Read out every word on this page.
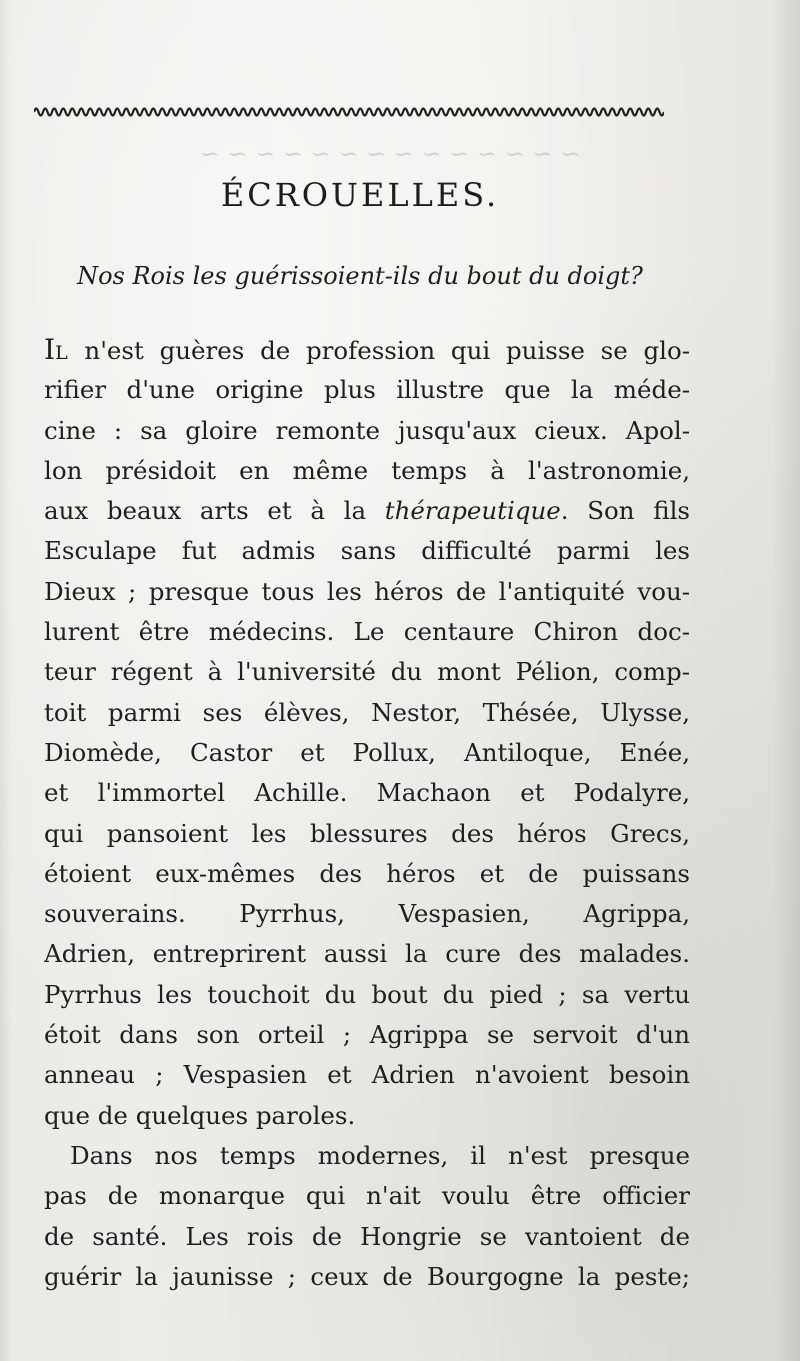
~ ~ ~ ~ ~ ~ ~ ~ ~ ~ ~ ~ ~ ~
ÉCROUELLES.
Nos Rois les guérissoient-ils du bout du doigt?
IL n'est guères de profession qui puisse se glo-
rifier d'une origine plus illustre que la méde-
cine : sa gloire remonte jusqu'aux cieux. Apol-
lon présidoit en même temps à l'astronomie,
aux beaux arts et à la thérapeutique. Son fils
Esculape fut admis sans difficulté parmi les
Dieux ; presque tous les héros de l'antiquité vou-
lurent être médecins. Le centaure Chiron doc-
teur régent à l'université du mont Pélion, comp-
toit parmi ses élèves, Nestor, Thésée, Ulysse,
Diomède, Castor et Pollux, Antiloque, Enée,
et l'immortel Achille. Machaon et Podalyre,
qui pansoient les blessures des héros Grecs,
étoient eux-mêmes des héros et de puissans
souverains. Pyrrhus, Vespasien, Agrippa,
Adrien, entreprirent aussi la cure des malades.
Pyrrhus les touchoit du bout du pied ; sa vertu
étoit dans son orteil ; Agrippa se servoit d'un
anneau ; Vespasien et Adrien n'avoient besoin
que de quelques paroles.
Dans nos temps modernes, il n'est presque
pas de monarque qui n'ait voulu être officier
de santé. Les rois de Hongrie se vantoient de
guérir la jaunisse ; ceux de Bourgogne la peste;
